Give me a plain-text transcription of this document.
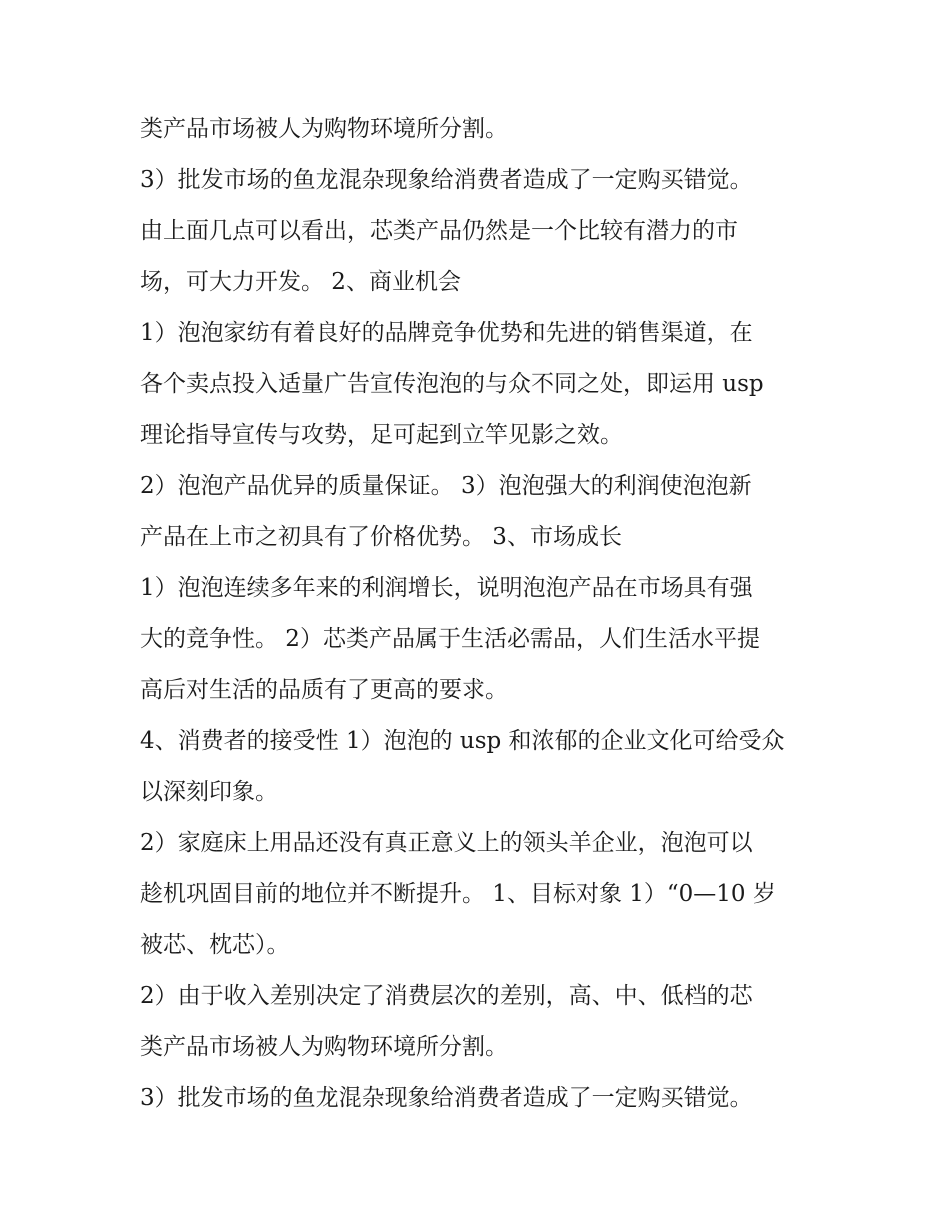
类产品市场被人为购物环境所分割。
3）批发市场的鱼龙混杂现象给消费者造成了一定购买错觉。
由上面几点可以看出，芯类产品仍然是一个比较有潜力的市
场，可大力开发。 2、商业机会
1）泡泡家纺有着良好的品牌竞争优势和先进的销售渠道，在
各个卖点投入适量广告宣传泡泡的与众不同之处，即运用 usp
理论指导宣传与攻势，足可起到立竿见影之效。
2）泡泡产品优异的质量保证。 3）泡泡强大的利润使泡泡新
产品在上市之初具有了价格优势。 3、市场成长
1）泡泡连续多年来的利润增长，说明泡泡产品在市场具有强
大的竞争性。 2）芯类产品属于生活必需品，人们生活水平提
高后对生活的品质有了更高的要求。
4、消费者的接受性 1）泡泡的 usp 和浓郁的企业文化可给受众
以深刻印象。
2）家庭床上用品还没有真正意义上的领头羊企业，泡泡可以
趁机巩固目前的地位并不断提升。 1、目标对象 1）“0—10 岁
被芯、枕芯）。
2）由于收入差别决定了消费层次的差别，高、中、低档的芯
类产品市场被人为购物环境所分割。
3）批发市场的鱼龙混杂现象给消费者造成了一定购买错觉。
